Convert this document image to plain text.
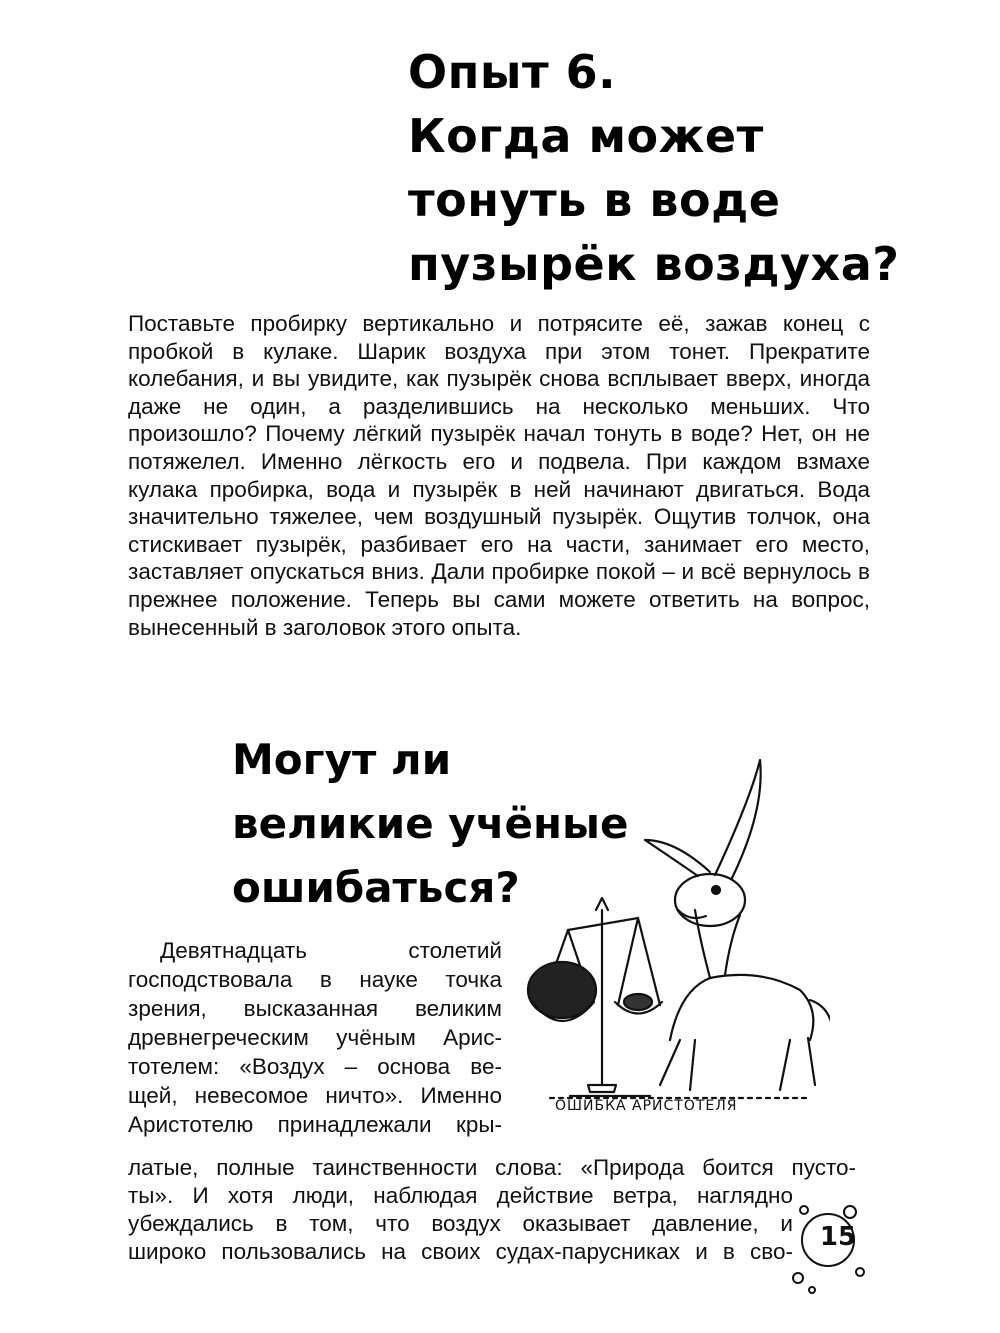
Опыт 6.
Когда может
тонуть в воде
пузырёк воздуха?

Поставьте пробирку вертикально и потрясите её, зажав конец с пробкой в кулаке. Шарик воздуха при этом тонет. Прекратите колебания, и вы увидите, как пузырёк снова всплывает вверх, иногда даже не один, а разделившись на несколько меньших. Что произошло? Почему лёгкий пузырёк начал тонуть в воде? Нет, он не потяжелел. Именно лёгкость его и подвела. При каждом взмахе кулака пробирка, вода и пузырёк в ней начинают двигаться. Вода значительно тяжелее, чем воздушный пузырёк. Ощутив толчок, она стискивает пузырёк, разбивает его на части, занимает его место, заставляет опускаться вниз. Дали пробирке покой – и всё вернулось в прежнее положение. Теперь вы сами можете ответить на вопрос, вынесенный в заголовок этого опыта.

Могут ли
великие учёные
ошибаться?
ОШИБКА АРИСТОТЕЛЯ
Девятнадцать столетий
господствовала в науке точка
зрения, высказанная великим
древнегреческим учёным Арис-
тотелем: «Воздух – основа ве-
щей, невесомое ничто». Именно
Аристотелю принадлежали кры-
латые, полные таинственности слова: «Природа боится пусто-
ты». И хотя люди, наблюдая действие ветра, наглядно
убеждались в том, что воздух оказывает давление, и
широко пользовались на своих судах-парусниках и в сво- 15
